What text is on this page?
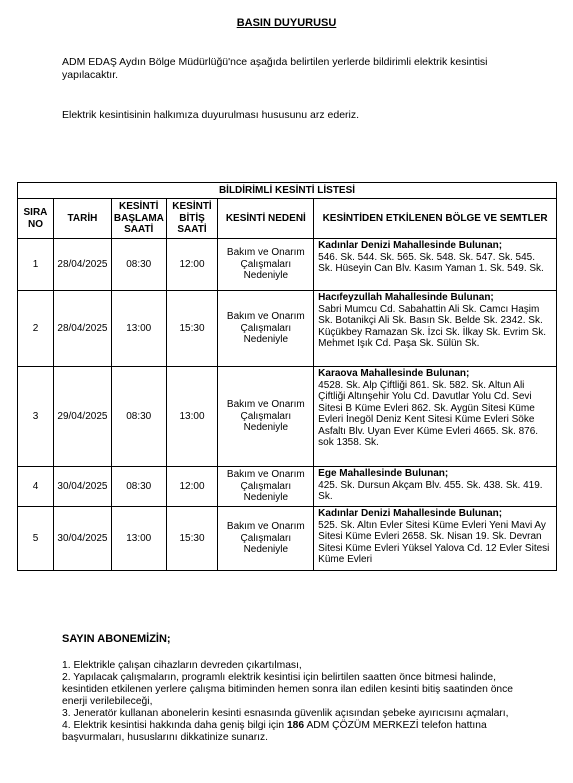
BASIN DUYURUSU

ADM EDAŞ Aydın Bölge Müdürlüğü'nce aşağıda belirtilen yerlerde bildirimli elektrik kesintisi yapılacaktır.

Elektrik kesintisinin halkımıza duyurulması hususunu arz ederiz.

BİLDİRİMLİ KESİNTİ LİSTESİ					
SIRA NO	TARİH	KESİNTİ BAŞLAMA SAATİ	KESİNTİ BİTİŞ SAATİ	KESİNTİ NEDENİ	KESİNTİDEN ETKİLENEN BÖLGE VE SEMTLER
1	28/04/2025	08:30	12:00	Bakım ve Onarım Çalışmaları Nedeniyle	Kadınlar Denizi Mahallesinde Bulunan;
546. Sk. 544. Sk. 565. Sk. 548. Sk. 547. Sk. 545. Sk. Hüseyin Can Blv. Kasım Yaman 1. Sk. 549. Sk.
2	28/04/2025	13:00	15:30	Bakım ve Onarım Çalışmaları Nedeniyle	Hacıfeyzullah Mahallesinde Bulunan;
Sabri Mumcu Cd. Sabahattin Ali Sk. Camcı Haşim Sk. Botanikçi Ali Sk. Basın Sk. Belde Sk. 2342. Sk. Küçükbey Ramazan Sk. İzci Sk. İlkay Sk. Evrim Sk. Mehmet Işık Cd. Paşa Sk. Sülün Sk.
3	29/04/2025	08:30	13:00	Bakım ve Onarım Çalışmaları Nedeniyle	Karaova Mahallesinde Bulunan;
4528. Sk. Alp Çiftliği 861. Sk. 582. Sk. Altun Ali Çiftliği Altınşehir Yolu Cd. Davutlar Yolu Cd. Sevi Sitesi B Küme Evleri 862. Sk. Aygün Sitesi Küme Evleri İnegöl Deniz Kent Sitesi Küme Evleri Söke Asfaltı Blv. Uyan Ever Küme Evleri 4665. Sk. 876. sok 1358. Sk.
4	30/04/2025	08:30	12:00	Bakım ve Onarım Çalışmaları Nedeniyle	Ege Mahallesinde Bulunan;
425. Sk. Dursun Akçam Blv. 455. Sk. 438. Sk. 419. Sk.
5	30/04/2025	13:00	15:30	Bakım ve Onarım Çalışmaları Nedeniyle	Kadınlar Denizi Mahallesinde Bulunan;
525. Sk. Altın Evler Sitesi Küme Evleri Yeni Mavi Ay Sitesi Küme Evleri 2658. Sk. Nisan 19. Sk. Devran Sitesi Küme Evleri Yüksel Yalova Cd. 12 Evler Sitesi Küme Evleri
SAYIN ABONEMİZİN;
1. Elektrikle çalışan cihazların devreden çıkartılması,
2. Yapılacak çalışmaların, programlı elektrik kesintisi için belirtilen saatten önce bitmesi halinde, kesintiden etkilenen yerlere çalışma bitiminden hemen sonra ilan edilen kesinti bitiş saatinden önce enerji verilebileceği,
3. Jeneratör kullanan abonelerin kesinti esnasında güvenlik açısından şebeke ayırıcısını açmaları,
4. Elektrik kesintisi hakkında daha geniş bilgi için 186 ADM ÇÖZÜM MERKEZİ telefon hattına başvurmaları, hususlarını dikkatinize sunarız.
